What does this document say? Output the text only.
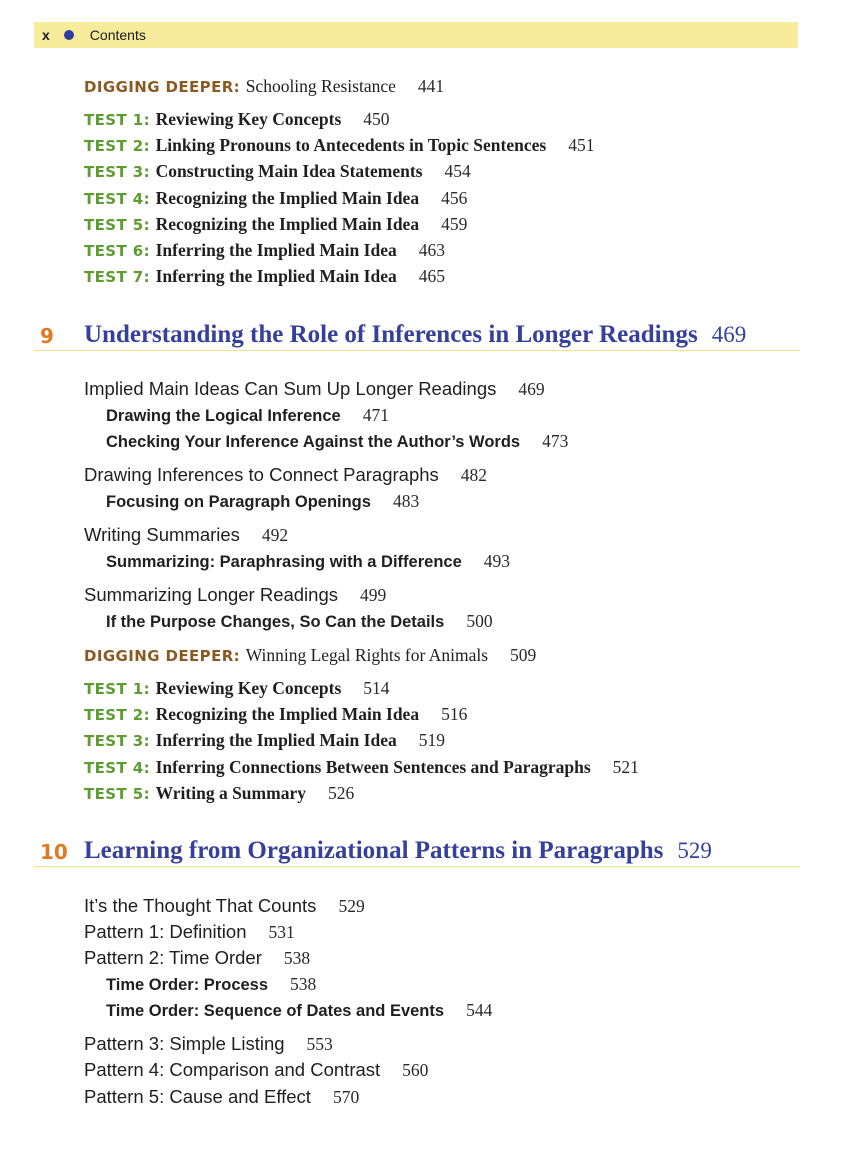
x	Contents
DIGGING DEEPER: Schooling Resistance 441
TEST 1: Reviewing Key Concepts 450
TEST 2: Linking Pronouns to Antecedents in Topic Sentences 451
TEST 3: Constructing Main Idea Statements 454
TEST 4: Recognizing the Implied Main Idea 456
TEST 5: Recognizing the Implied Main Idea 459
TEST 6: Inferring the Implied Main Idea 463
TEST 7: Inferring the Implied Main Idea 465
9 Understanding the Role of Inferences in Longer Readings 469
Implied Main Ideas Can Sum Up Longer Readings 469
Drawing the Logical Inference 471
Checking Your Inference Against the Author’s Words 473
Drawing Inferences to Connect Paragraphs 482
Focusing on Paragraph Openings 483
Writing Summaries 492
Summarizing: Paraphrasing with a Difference 493
Summarizing Longer Readings 499
If the Purpose Changes, So Can the Details 500
DIGGING DEEPER: Winning Legal Rights for Animals 509
TEST 1: Reviewing Key Concepts 514
TEST 2: Recognizing the Implied Main Idea 516
TEST 3: Inferring the Implied Main Idea 519
TEST 4: Inferring Connections Between Sentences and Paragraphs 521
TEST 5: Writing a Summary 526
10 Learning from Organizational Patterns in Paragraphs 529
It’s the Thought That Counts 529
Pattern 1: Definition 531
Pattern 2: Time Order 538
Time Order: Process 538
Time Order: Sequence of Dates and Events 544
Pattern 3: Simple Listing 553
Pattern 4: Comparison and Contrast 560
Pattern 5: Cause and Effect 570
